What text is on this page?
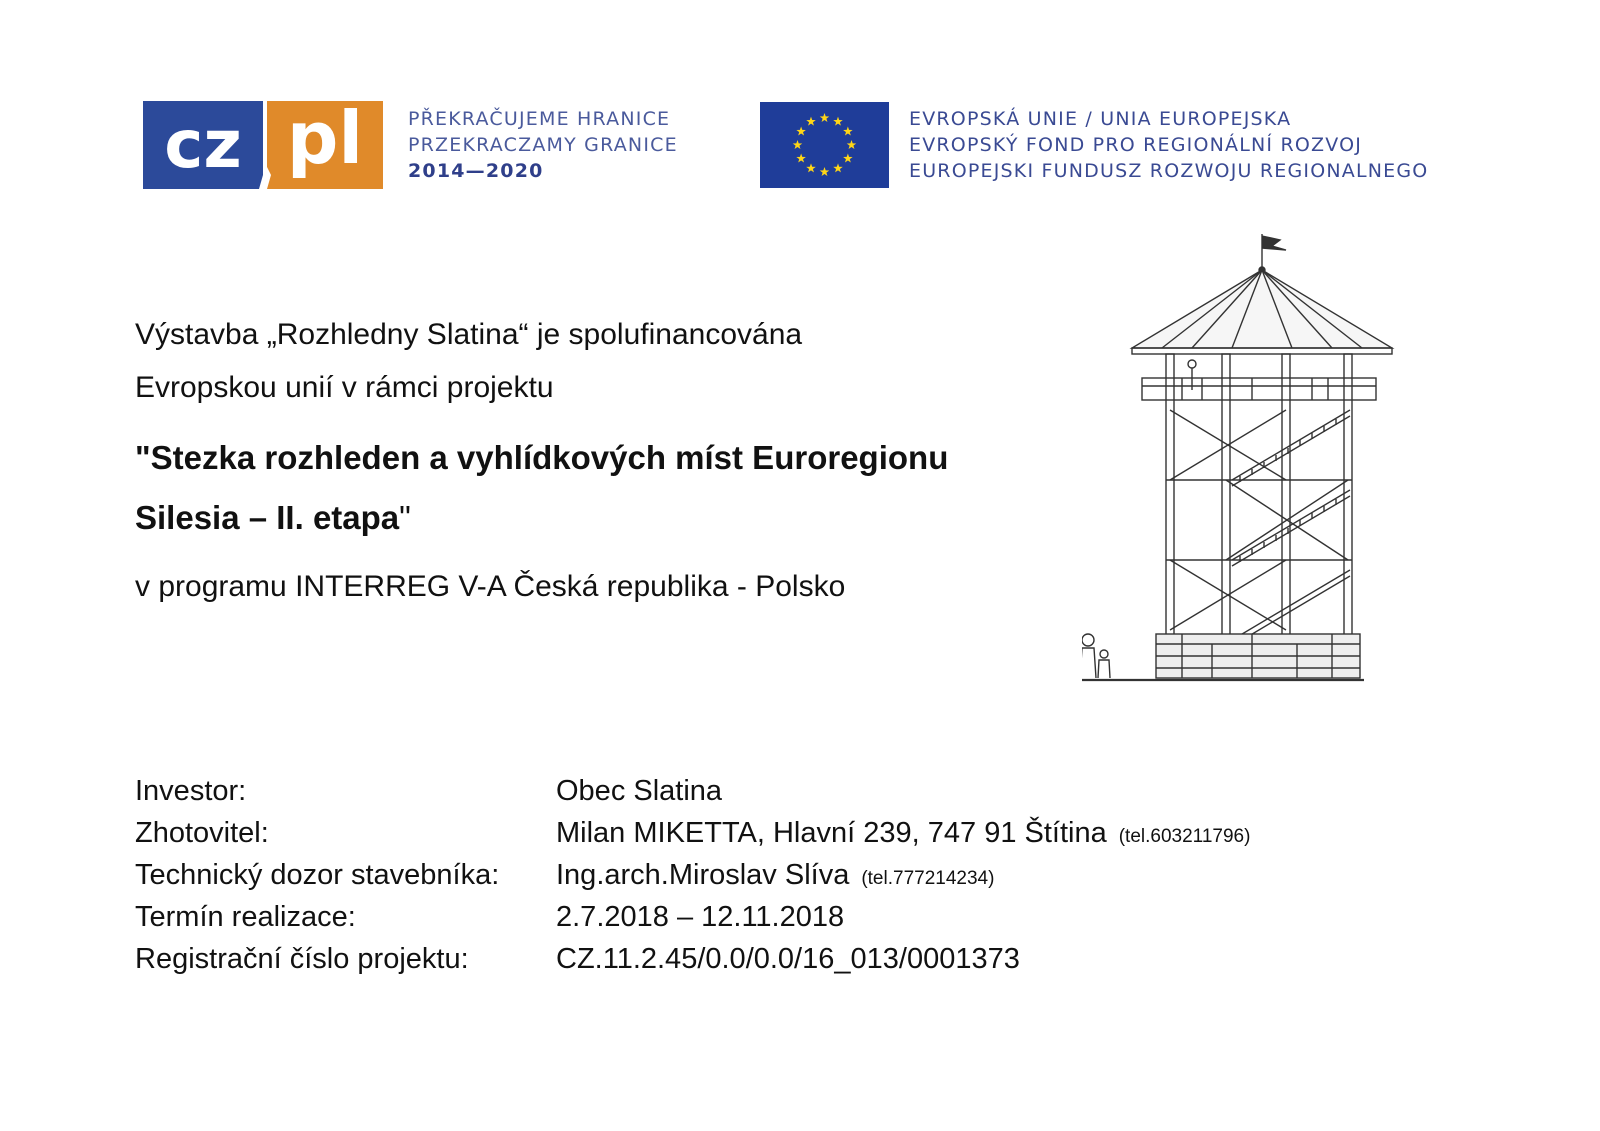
cz pl PŘEKRAČUJEME HRANICE
PRZEKRACZAMY GRANICE
2014—2020
EVROPSKÁ UNIE / UNIA EUROPEJSKA
EVROPSKÝ FOND PRO REGIONÁLNÍ ROZVOJ
EUROPEJSKI FUNDUSZ ROZWOJU REGIONALNEGO
Výstavba „Rozhledny Slatina“ je spolufinancována
Evropskou unií v rámci projektu
"Stezka rozhleden a vyhlídkových míst Euroregionu
Silesia – II. etapa"
v programu INTERREG V-A Česká republika - Polsko
Investor:	Obec Slatina
Zhotovitel:	Milan MIKETTA, Hlavní 239, 747 91 Štítina (tel.603211796)
Technický dozor stavebníka:	Ing.arch.Miroslav Slíva (tel.777214234)
Termín realizace:	2.7.2018 – 12.11.2018
Registrační číslo projektu:	CZ.11.2.45/0.0/0.0/16_013/0001373
